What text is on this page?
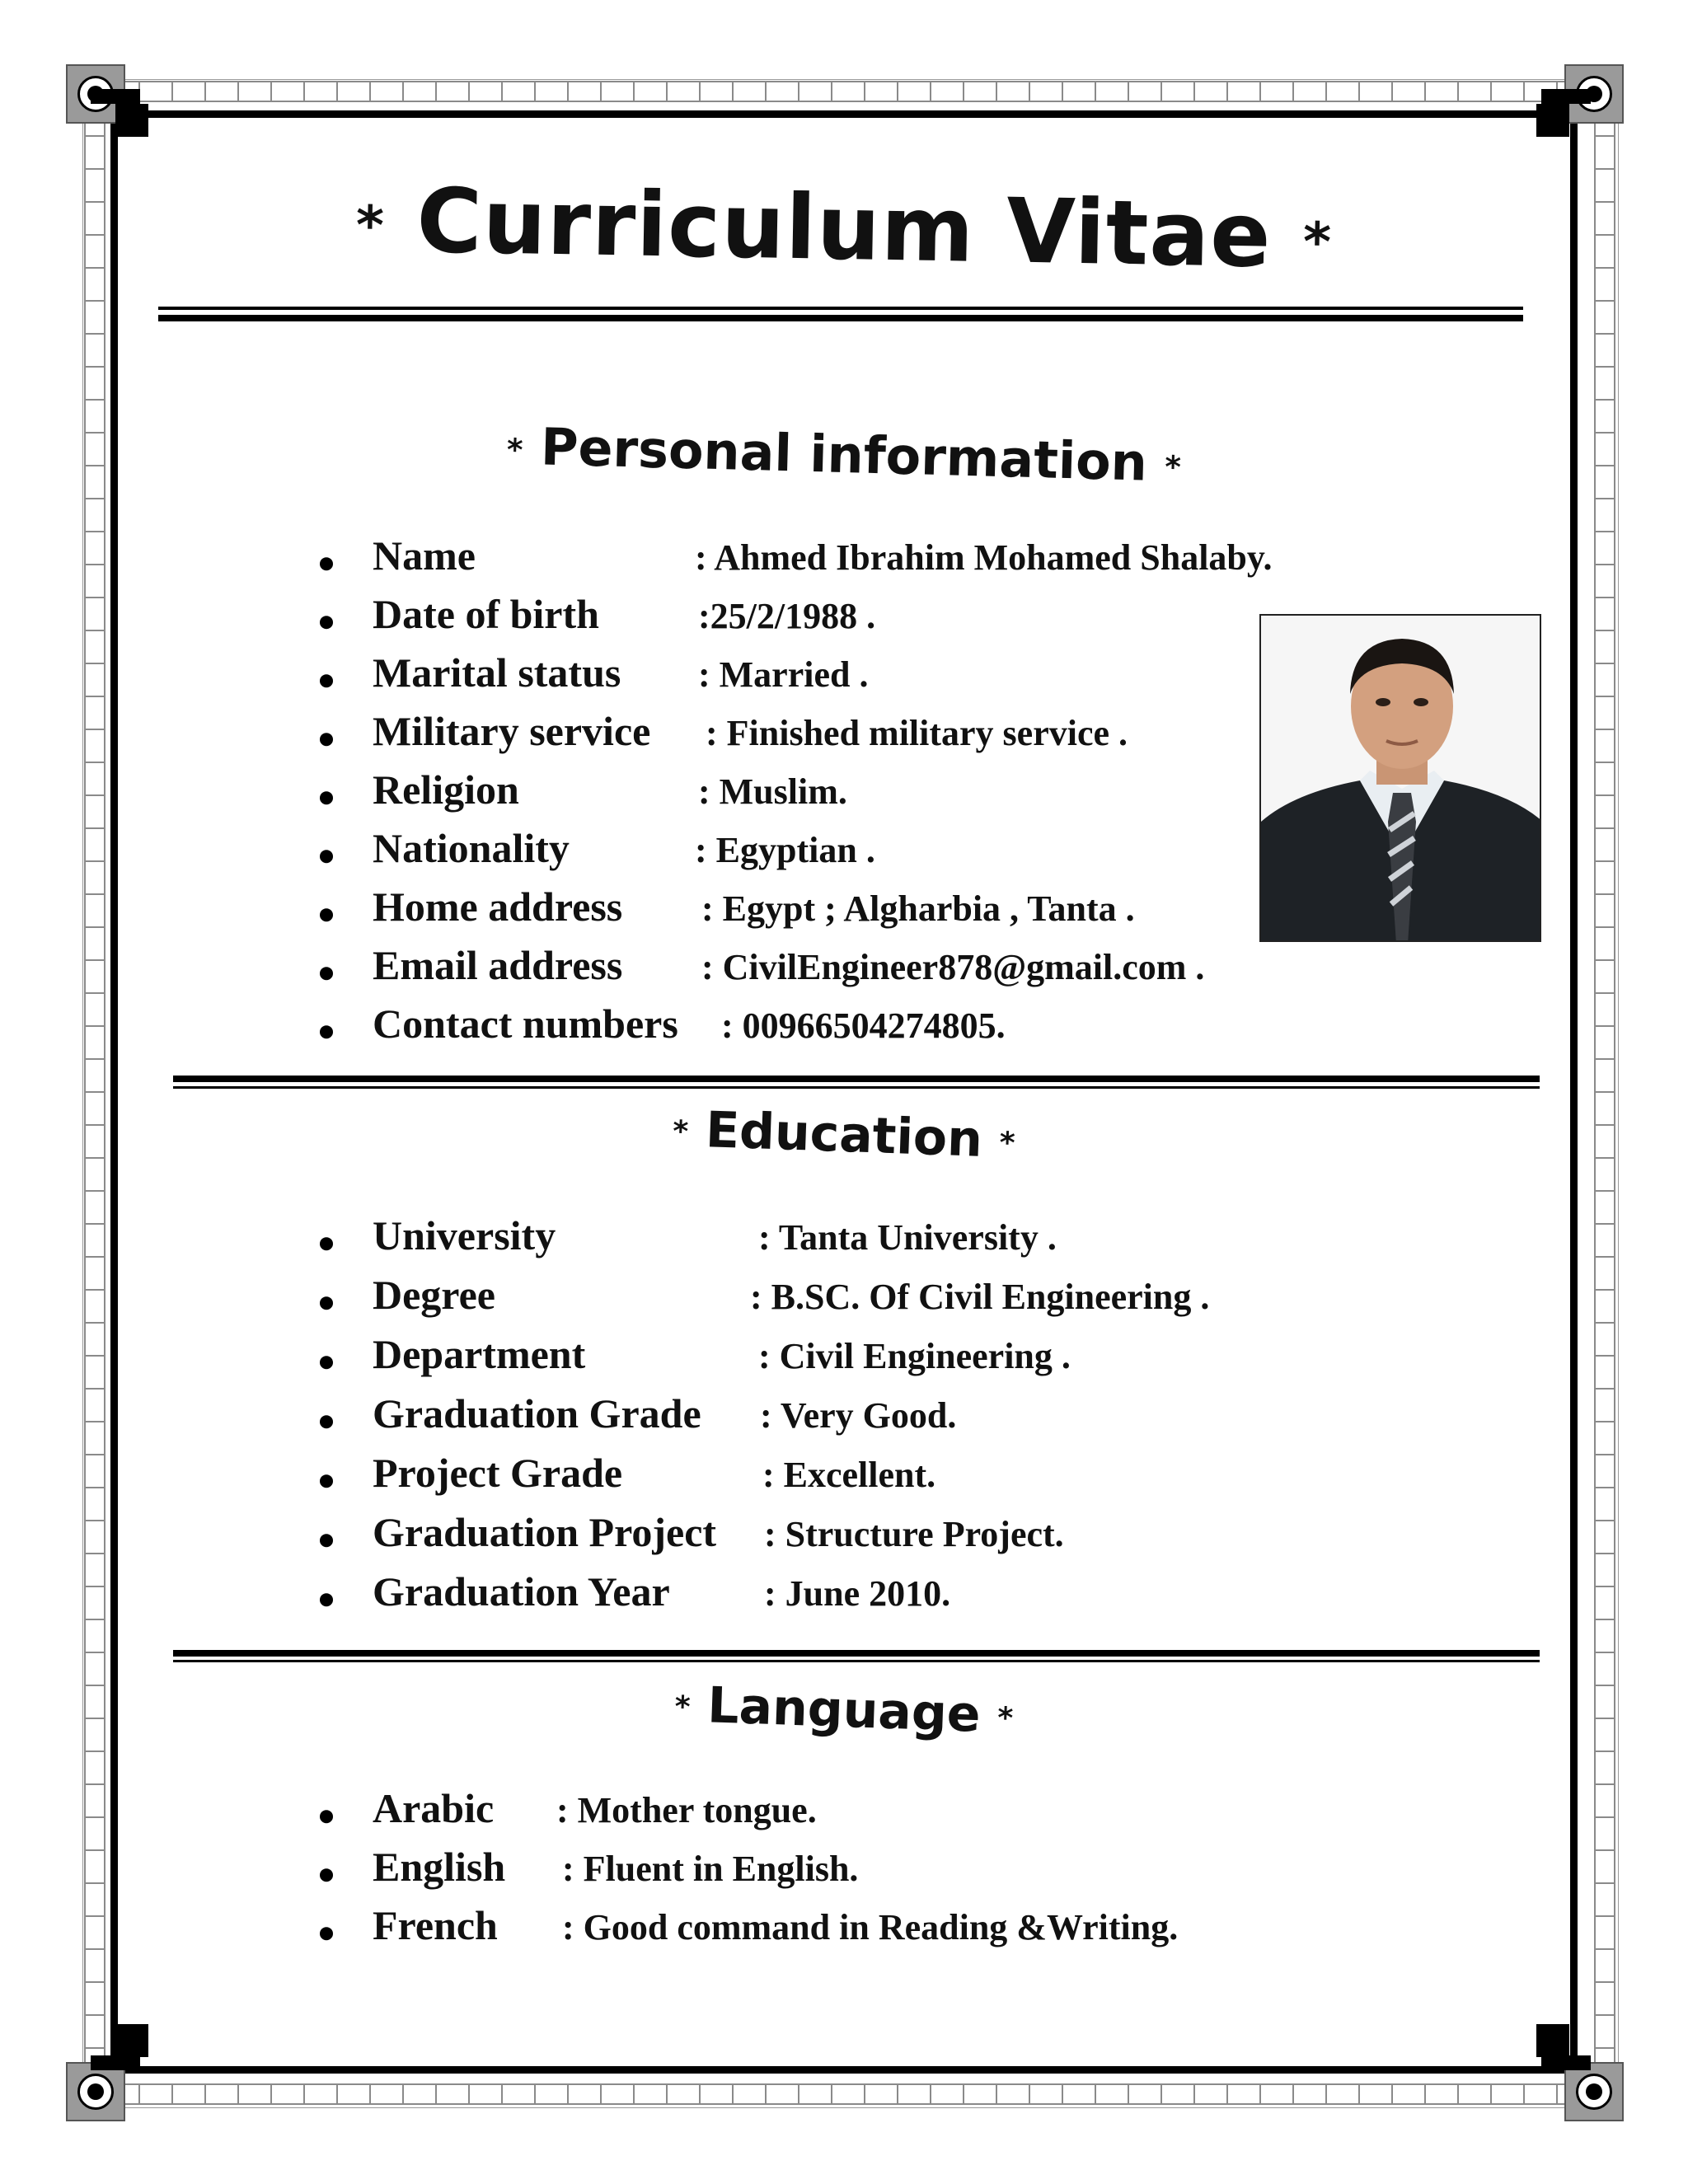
* Curriculum Vitae *
* Personal information *
Name	: Ahmed Ibrahim Mohamed Shalaby.
Date of birth	:25/2/1988 .
Marital status : Married .
Military service : Finished military service .
Religion	: Muslim.
Nationality	: Egyptian .
Home address : Egypt ; Algharbia , Tanta .
Email address : CivilEngineer878@gmail.com .
Contact numbers : 00966504274805.
* Education *
University	: Tanta University .
Degree	: B.SC. Of Civil Engineering .
Department	: Civil Engineering .
Graduation Grade : Very Good.
Project Grade	: Excellent.
Graduation Project : Structure Project.
Graduation Year	: June 2010.
* Language *
Arabic : Mother tongue.
English : Fluent in English.
French : Good command in Reading &Writing.
